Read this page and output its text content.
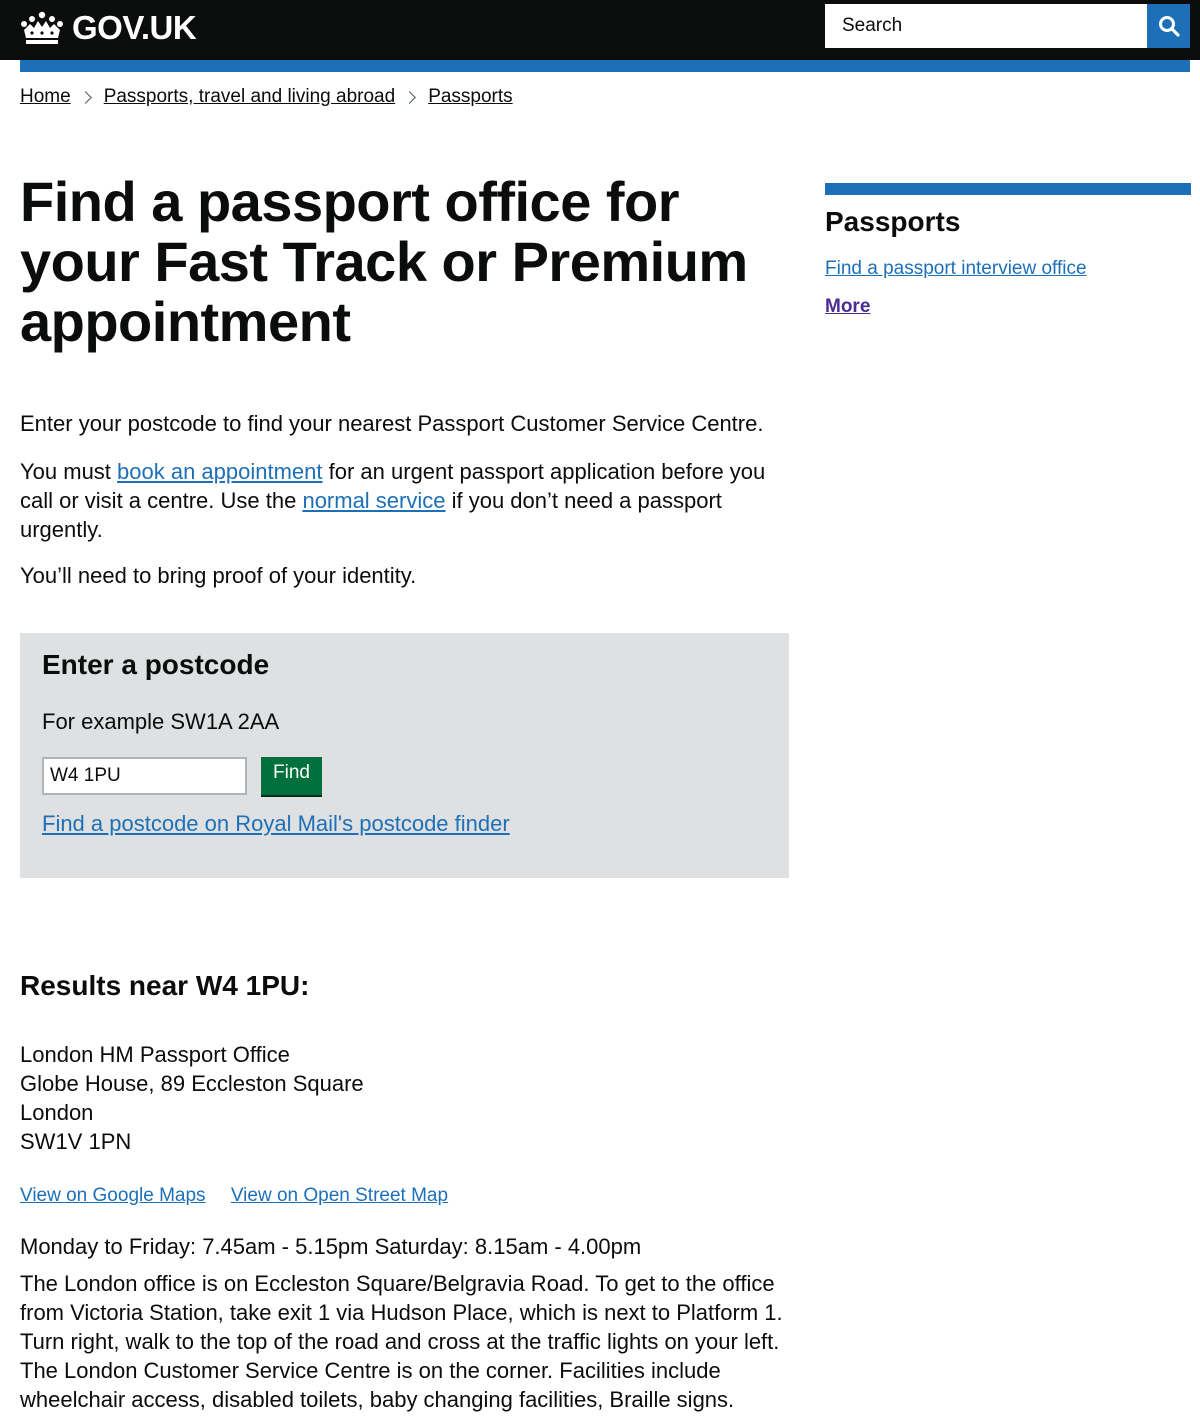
GOV.UK
Search
Home Passports, travel and living abroad Passports
Find a passport office for your Fast Track or Premium appointment

Enter your postcode to find your nearest Passport Customer Service Centre.

You must book an appointment for an urgent passport application before you call or visit a centre. Use the normal service if you don’t need a passport urgently.

You’ll need to bring proof of your identity.

Passports
Find a passport interview office
More
Enter a postcode
For example SW1A 2AA
W4 1PU
Find
Find a postcode on Royal Mail's postcode finder
Results near W4 1PU:
London HM Passport Office
Globe House, 89 Eccleston Square
London
SW1V 1PN
View on Google Maps View on Open Street Map
Monday to Friday: 7.45am - 5.15pm Saturday: 8.15am - 4.00pm

The London office is on Eccleston Square/Belgravia Road. To get to the office from Victoria Station, take exit 1 via Hudson Place, which is next to Platform 1. Turn right, walk to the top of the road and cross at the traffic lights on your left. The London Customer Service Centre is on the corner. Facilities include wheelchair access, disabled toilets, baby changing facilities, Braille signs.
